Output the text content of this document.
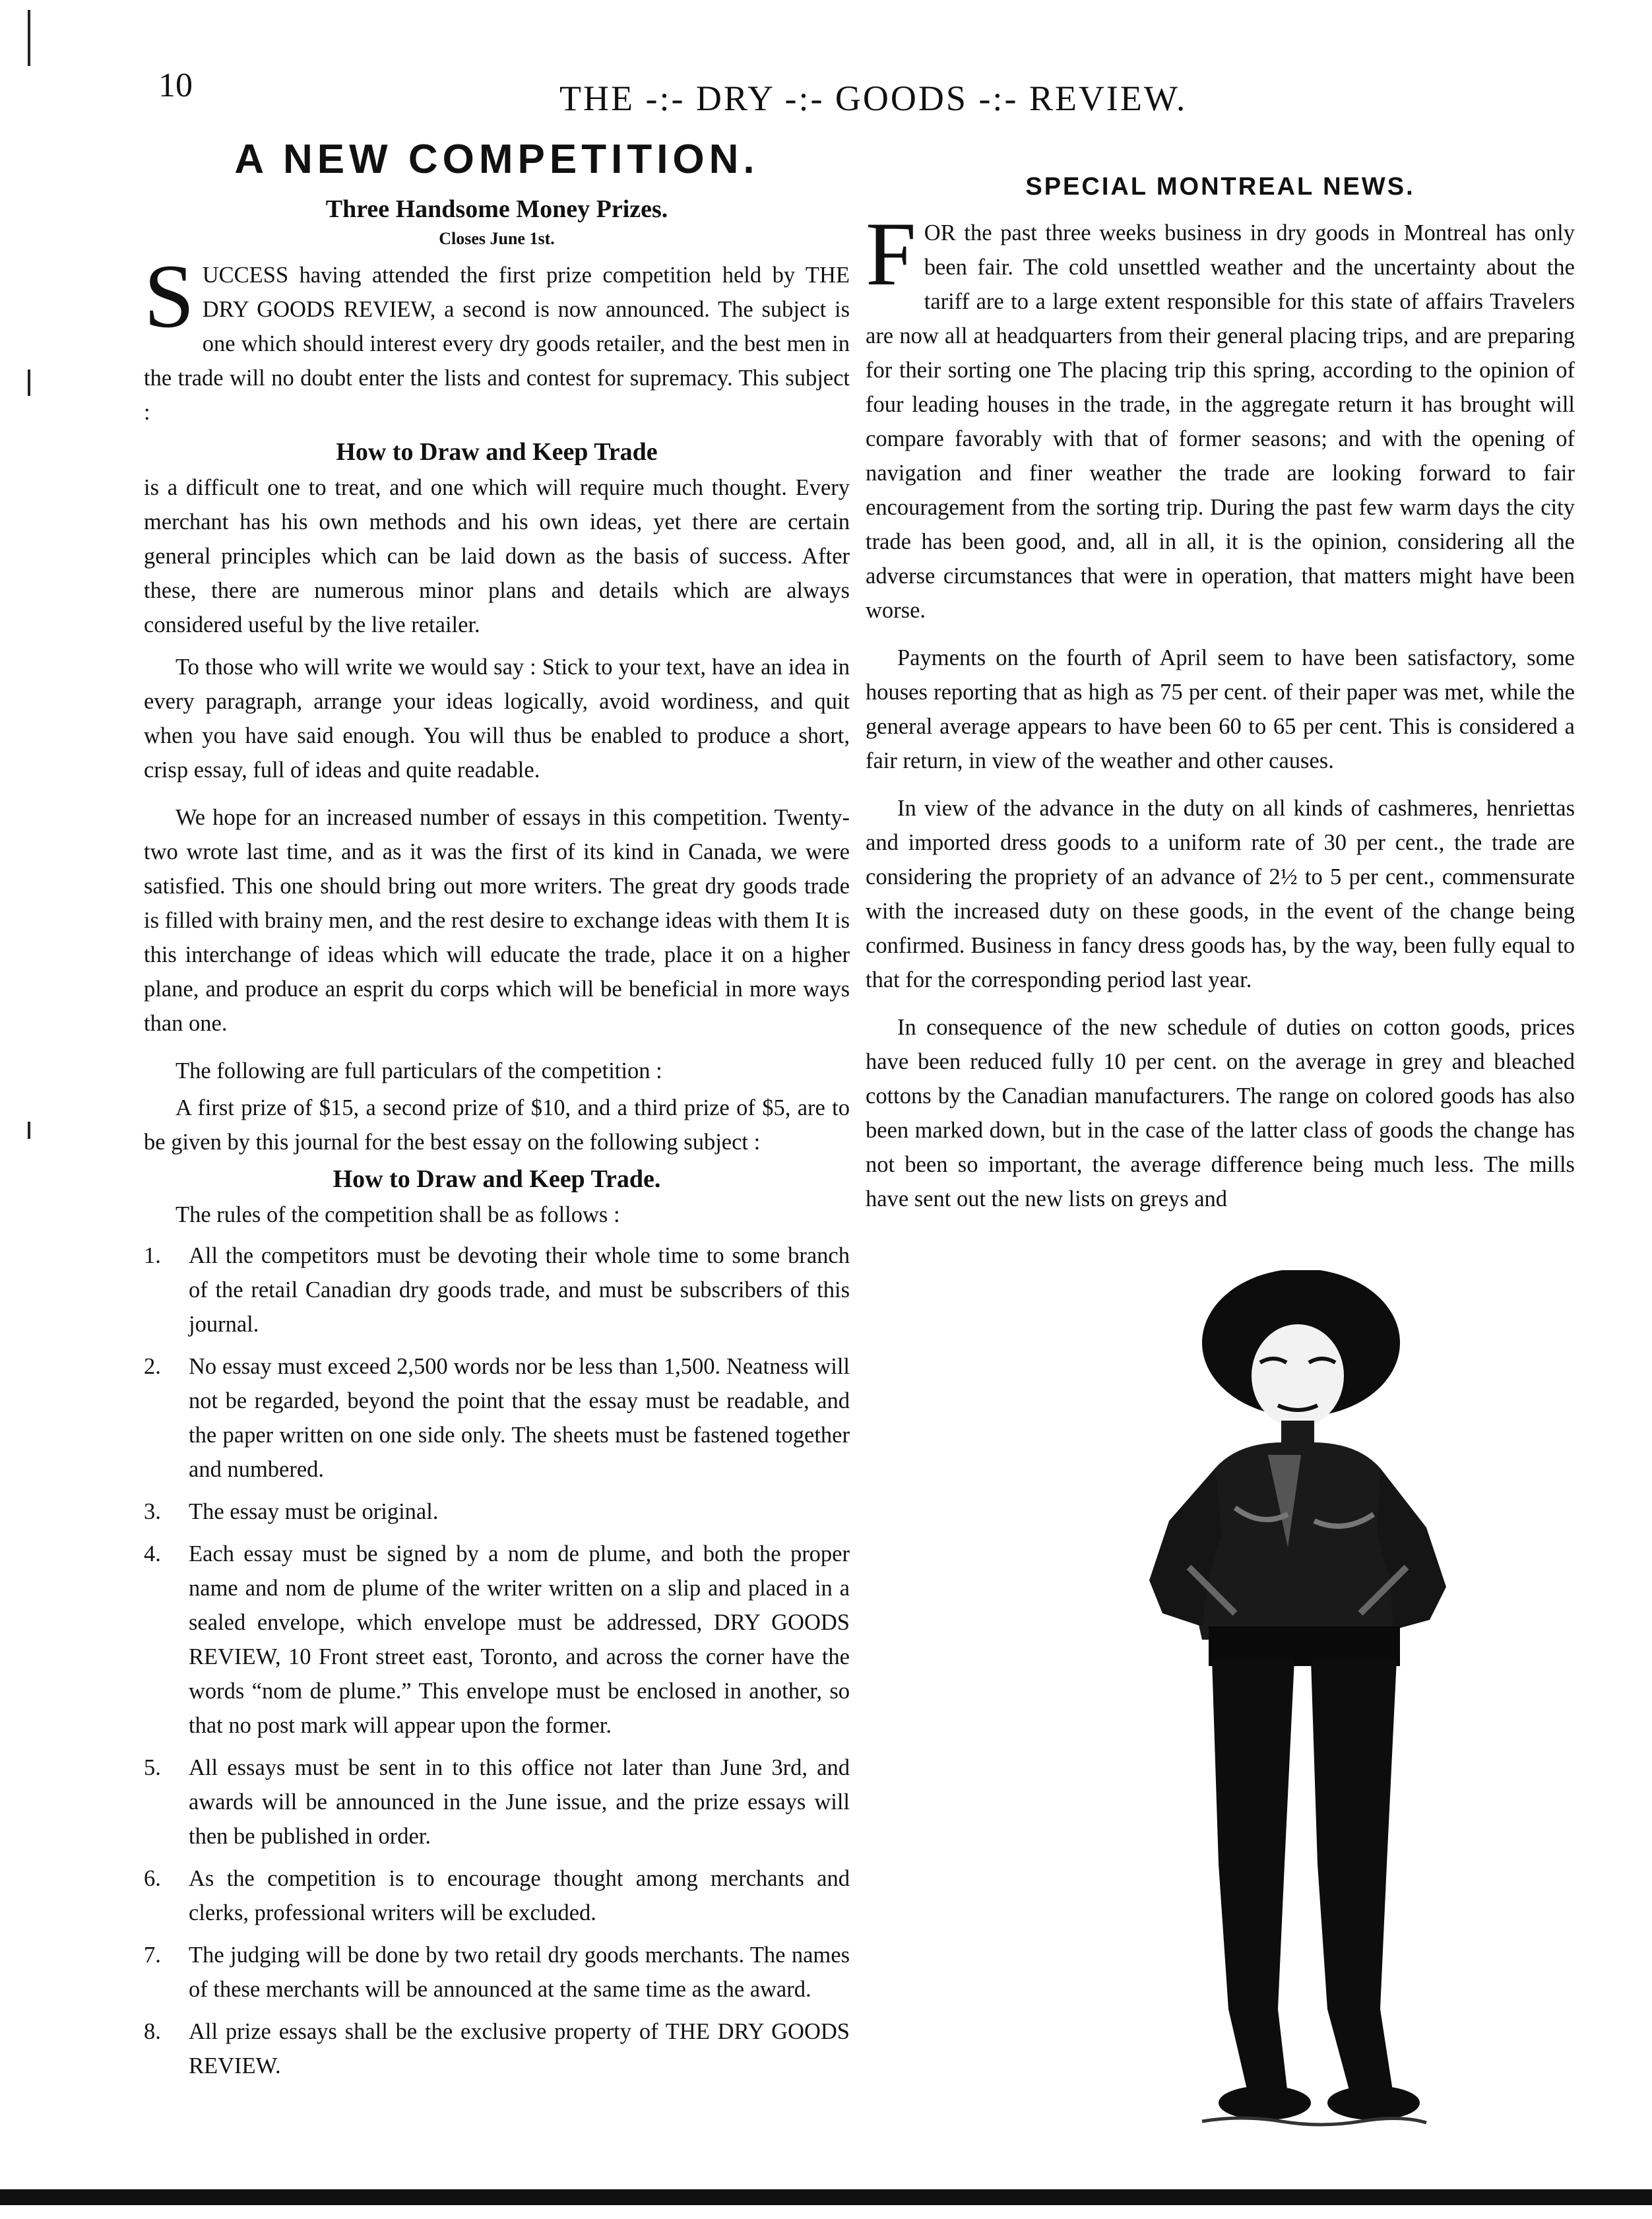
10	THE -:- DRY -:- GOODS -:- REVIEW.
A NEW COMPETITION.
Three Handsome Money Prizes.
Closes June 1st.

SUCCESS having attended the first prize competition held by THE DRY GOODS REVIEW, a second is now announced. The subject is one which should interest every dry goods retailer, and the best men in the trade will no doubt enter the lists and contest for supremacy. This subject :

How to Draw and Keep Trade

is a difficult one to treat, and one which will require much thought. Every merchant has his own methods and his own ideas, yet there are certain general principles which can be laid down as the basis of success. After these, there are numerous minor plans and details which are always considered useful by the live retailer.

To those who will write we would say : Stick to your text, have an idea in every paragraph, arrange your ideas logically, avoid wordiness, and quit when you have said enough. You will thus be enabled to produce a short, crisp essay, full of ideas and quite readable.

We hope for an increased number of essays in this competition. Twenty-two wrote last time, and as it was the first of its kind in Canada, we were satisfied. This one should bring out more writers. The great dry goods trade is filled with brainy men, and the rest desire to exchange ideas with them It is this interchange of ideas which will educate the trade, place it on a higher plane, and produce an esprit du corps which will be beneficial in more ways than one.

The following are full particulars of the competition :

A first prize of $15, a second prize of $10, and a third prize of $5, are to be given by this journal for the best essay on the following subject :

How to Draw and Keep Trade.

The rules of the competition shall be as follows :

1. All the competitors must be devoting their whole time to some branch of the retail Canadian dry goods trade, and must be subscribers of this journal.
2. No essay must exceed 2,500 words nor be less than 1,500. Neatness will not be regarded, beyond the point that the essay must be readable, and the paper written on one side only. The sheets must be fastened together and numbered.
3. The essay must be original.
4. Each essay must be signed by a nom de plume, and both the proper name and nom de plume of the writer written on a slip and placed in a sealed envelope, which envelope must be addressed, DRY GOODS REVIEW, 10 Front street east, Toronto, and across the corner have the words “nom de plume.” This envelope must be enclosed in another, so that no post mark will appear upon the former.
5. All essays must be sent in to this office not later than June 3rd, and awards will be announced in the June issue, and the prize essays will then be published in order.
6. As the competition is to encourage thought among merchants and clerks, professional writers will be excluded.
7. The judging will be done by two retail dry goods merchants. The names of these merchants will be announced at the same time as the award.
8. All prize essays shall be the exclusive property of THE DRY GOODS REVIEW.
SPECIAL MONTREAL NEWS.

FOR the past three weeks business in dry goods in Montreal has only been fair. The cold unsettled weather and the uncertainty about the tariff are to a large extent responsible for this state of affairs Travelers are now all at headquarters from their general placing trips, and are preparing for their sorting one The placing trip this spring, according to the opinion of four leading houses in the trade, in the aggregate return it has brought will compare favorably with that of former seasons; and with the opening of navigation and finer weather the trade are looking forward to fair encouragement from the sorting trip. During the past few warm days the city trade has been good, and, all in all, it is the opinion, considering all the adverse circumstances that were in operation, that matters might have been worse.

Payments on the fourth of April seem to have been satisfactory, some houses reporting that as high as 75 per cent. of their paper was met, while the general average appears to have been 60 to 65 per cent. This is considered a fair return, in view of the weather and other causes.

In view of the advance in the duty on all kinds of cashmeres, henriettas and imported dress goods to a uniform rate of 30 per cent., the trade are considering the propriety of an advance of 2½ to 5 per cent., commensurate with the increased duty on these goods, in the event of the change being confirmed. Business in fancy dress goods has, by the way, been fully equal to that for the corresponding period last year.

In consequence of the new schedule of duties on cotton goods, prices have been reduced fully 10 per cent. on the average in grey and bleached cottons by the Canadian manufacturers. The range on colored goods has also been marked down, but in the case of the latter class of goods the change has not been so important, the average difference being much less. The mills have sent out the new lists on greys and
